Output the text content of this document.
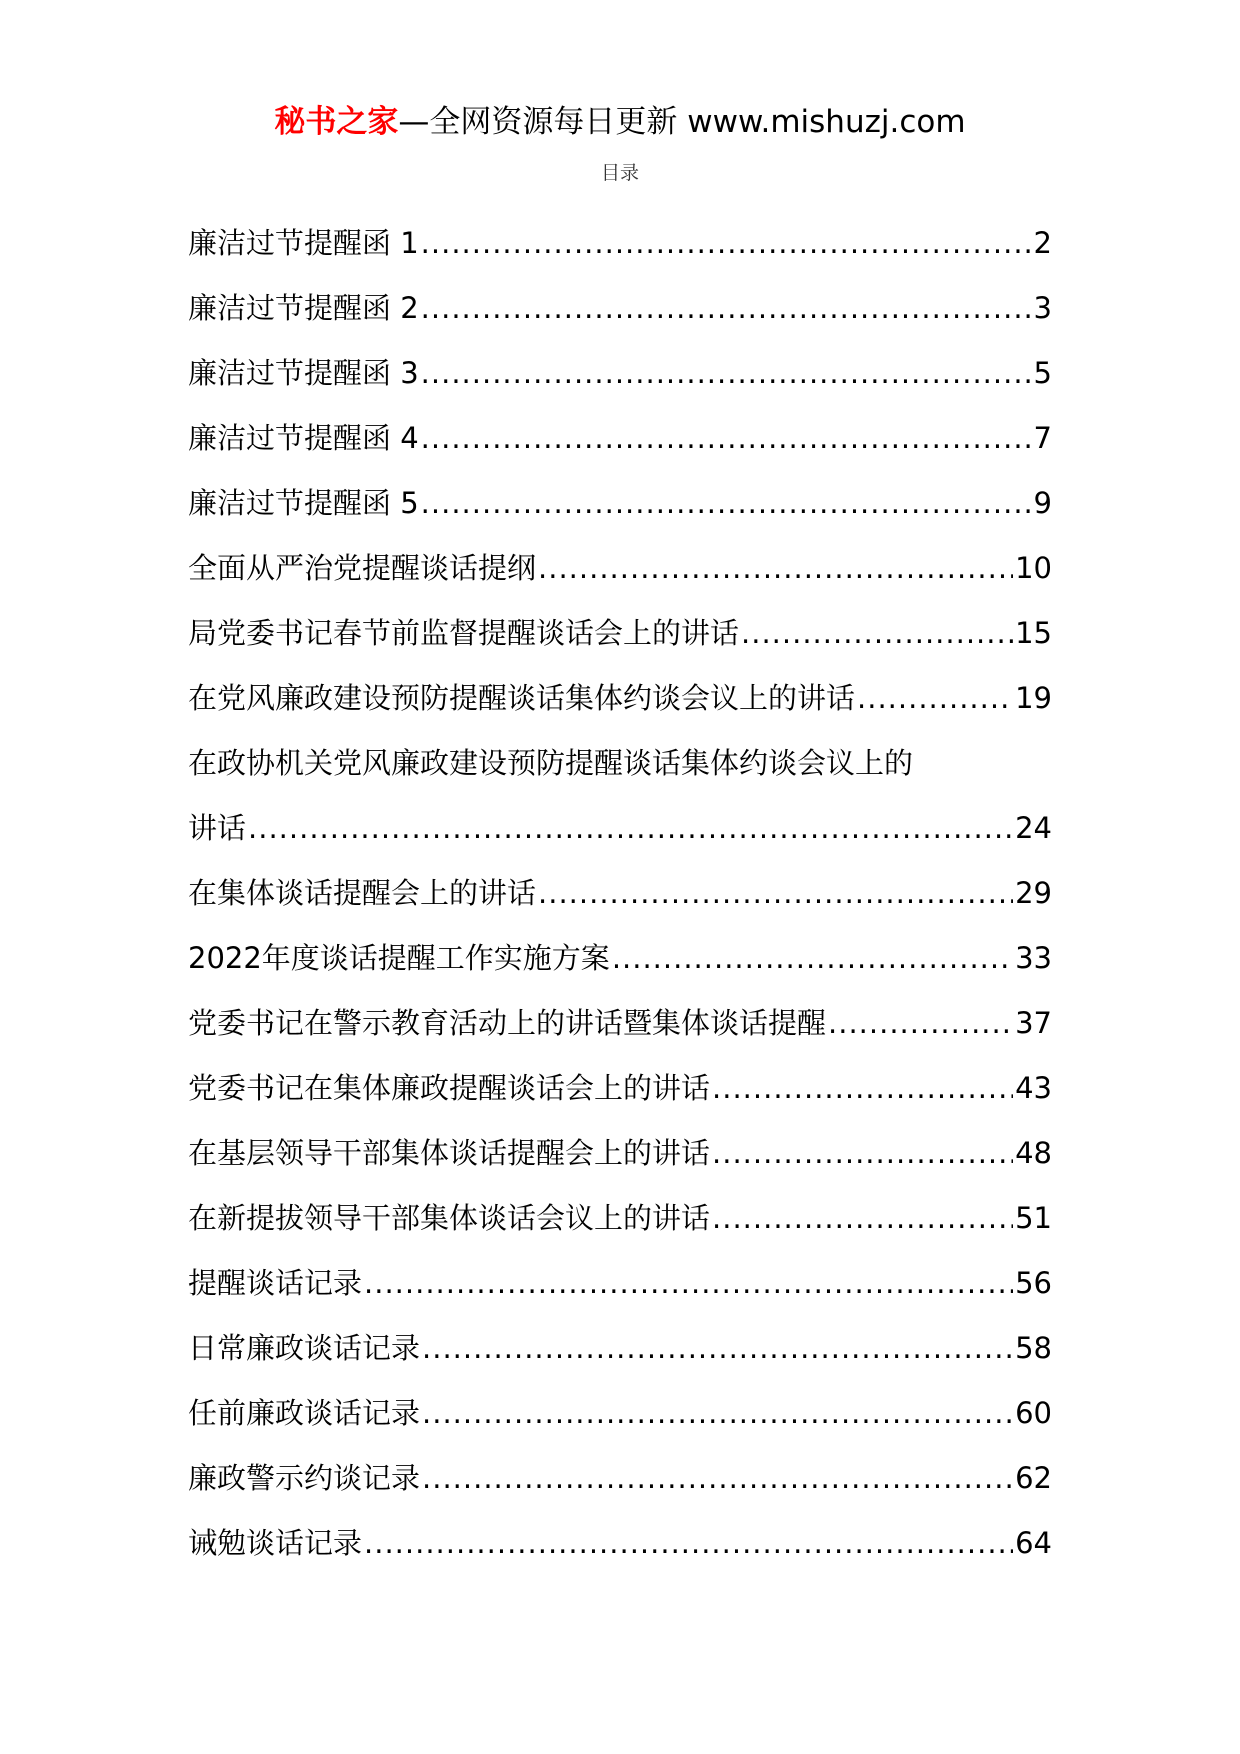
秘书之家—全网资源每日更新 www.mishuzj.com
目录
廉洁过节提醒函 1 .....	2
廉洁过节提醒函 2 .....	3
廉洁过节提醒函 3 .....	5
廉洁过节提醒函 4 .....	7
廉洁过节提醒函 5 .....	9
全面从严治党提醒谈话提纲 .....	10
局党委书记春节前监督提醒谈话会上的讲话 .....	15
在党风廉政建设预防提醒谈话集体约谈会议上的讲话 .....	19
在政协机关党风廉政建设预防提醒谈话集体约谈会议上的
讲话 .....	24
在集体谈话提醒会上的讲话 .....	29
2022年度谈话提醒工作实施方案 .....	33
党委书记在警示教育活动上的讲话暨集体谈话提醒 .....	37
党委书记在集体廉政提醒谈话会上的讲话 .....	43
在基层领导干部集体谈话提醒会上的讲话 .....	48
在新提拔领导干部集体谈话会议上的讲话 .....	51
提醒谈话记录 .....	56
日常廉政谈话记录 .....	58
任前廉政谈话记录 .....	60
廉政警示约谈记录 .....	62
诫勉谈话记录 .....	64
